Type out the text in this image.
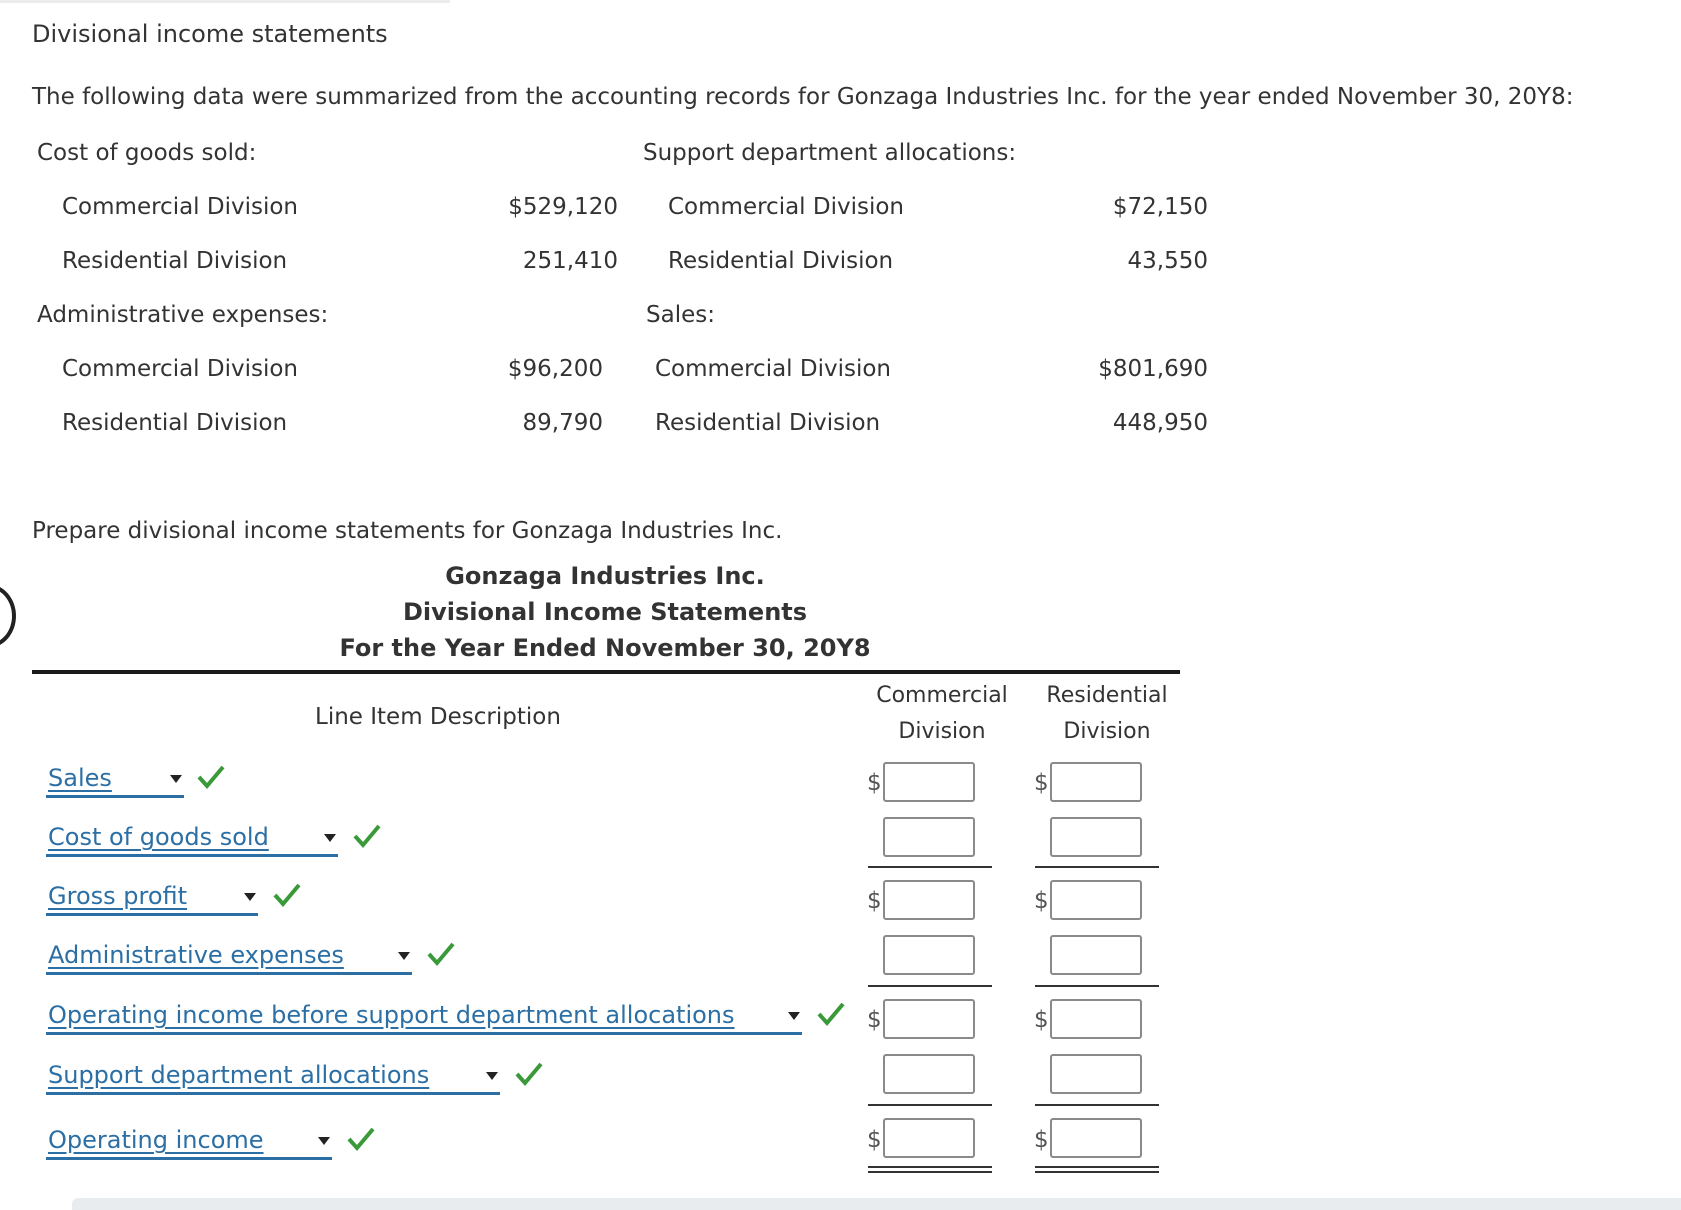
Divisional income statements
The following data were summarized from the accounting records for Gonzaga Industries Inc. for the year ended November 30, 20Y8:
Cost of goods sold:
Commercial Division	$529,120
Residential Division	251,410
Support department allocations:
Commercial Division	$72,150
Residential Division	43,550
Administrative expenses:
Commercial Division	$96,200
Residential Division	89,790
Sales:
Commercial Division	$801,690
Residential Division	448,950
Prepare divisional income statements for Gonzaga Industries Inc.
Gonzaga Industries Inc.
Divisional Income Statements
For the Year Ended November 30, 20Y8
Line Item Description
Commercial
Division
Residential
Division
Sales	$	$
Cost of goods sold
Gross profit	$	$
Administrative expenses
Operating income before support department allocations	$	$
Support department allocations
Operating income	$	$
